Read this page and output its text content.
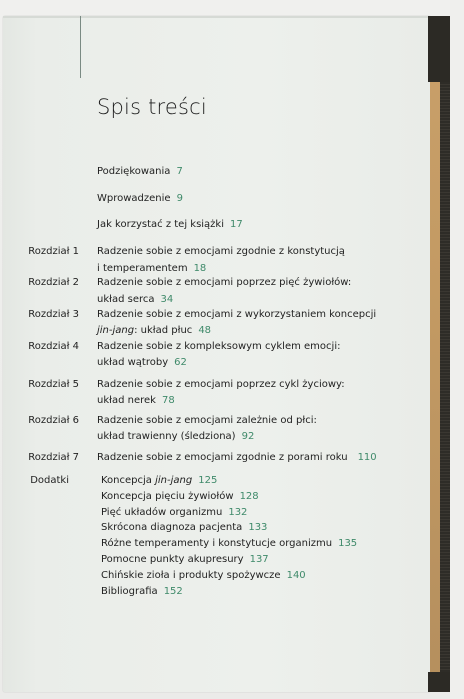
Spis treści
Podziękowania 7
Wprowadzenie 9
Jak korzystać z tej książki 17
Rozdział 1 Radzenie sobie z emocjami zgodnie z konstytucją
i temperamentem 18
Rozdział 2 Radzenie sobie z emocjami poprzez pięć żywiołów:
układ serca 34
Rozdział 3 Radzenie sobie z emocjami z wykorzystaniem koncepcji
jin-jang: układ płuc 48
Rozdział 4 Radzenie sobie z kompleksowym cyklem emocji:
układ wątroby 62
Rozdział 5 Radzenie sobie z emocjami poprzez cykl życiowy:
układ nerek 78
Rozdział 6 Radzenie sobie z emocjami zależnie od płci:
układ trawienny (śledziona) 92
Rozdział 7 Radzenie sobie z emocjami zgodnie z porami roku 110
Dodatki	Koncepcja jin-jang 125
Koncepcja pięciu żywiołów 128
Pięć układów organizmu 132
Skrócona diagnoza pacjenta 133
Różne temperamenty i konstytucje organizmu 135
Pomocne punkty akupresury 137
Chińskie zioła i produkty spożywcze 140
Bibliografia 152
